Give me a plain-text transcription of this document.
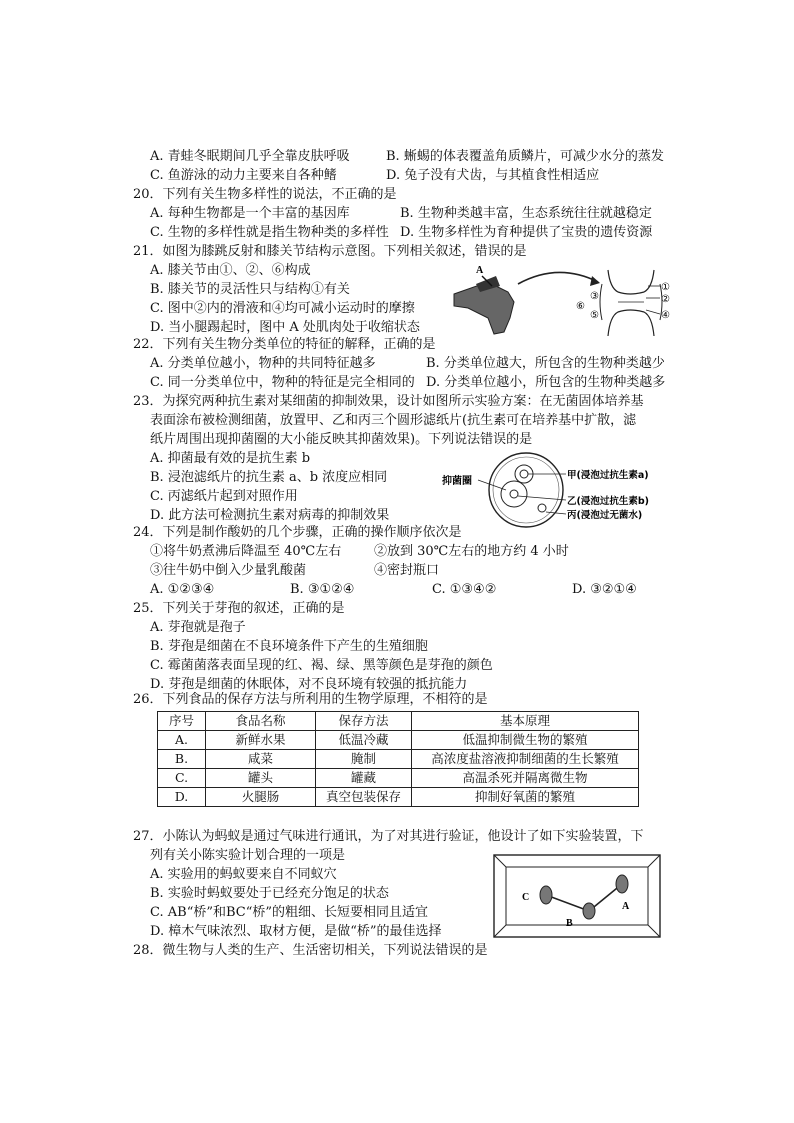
A. 青蛙冬眠期间几乎全靠皮肤呼吸	B. 蜥蜴的体表覆盖角质鳞片，可减少水分的蒸发
C. 鱼游泳的动力主要来自各种鳍	D. 兔子没有犬齿，与其植食性相适应
20．下列有关生物多样性的说法，不正确的是
A. 每种生物都是一个丰富的基因库	B. 生物种类越丰富，生态系统往往就越稳定
C. 生物的多样性就是指生物种类的多样性 D. 生物多样性为育种提供了宝贵的遗传资源
21．如图为膝跳反射和膝关节结构示意图。下列相关叙述，错误的是
A. 膝关节由①、②、⑥构成
B. 膝关节的灵活性只与结构①有关
C. 图中②内的滑液和④均可减小运动时的摩擦
D. 当小腿踢起时，图中 A 处肌肉处于收缩状态
A
③
⑥
⑤
①
②
④
22．下列有关生物分类单位的特征的解释，正确的是
A. 分类单位越小，物种的共同特征越多	B. 分类单位越大，所包含的生物种类越少
C. 同一分类单位中，物种的特征是完全相同的 D. 分类单位越小，所包含的生物种类越多
23．为探究两种抗生素对某细菌的抑制效果，设计如图所示实验方案：在无菌固体培养基
表面涂布被检测细菌，放置甲、乙和丙三个圆形滤纸片(抗生素可在培养基中扩散，滤
纸片周围出现抑菌圈的大小能反映其抑菌效果)。下列说法错误的是
A. 抑菌最有效的是抗生素 b
B. 浸泡滤纸片的抗生素 a、b 浓度应相同
C. 丙滤纸片起到对照作用
D. 此方法可检测抗生素对病毒的抑制效果
抑菌圈
甲(浸泡过抗生素a)
乙(浸泡过抗生素b)
丙(浸泡过无菌水)
24．下列是制作酸奶的几个步骤，正确的操作顺序依次是
①将牛奶煮沸后降温至 40℃左右	②放到 30℃左右的地方约 4 小时
③往牛奶中倒入少量乳酸菌	④密封瓶口
A. ①②③④	B. ③①②④	C. ①③④②	D. ③②①④
25．下列关于芽孢的叙述，正确的是
A. 芽孢就是孢子
B. 芽孢是细菌在不良环境条件下产生的生殖细胞
C. 霉菌菌落表面呈现的红、褐、绿、黑等颜色是芽孢的颜色
D. 芽孢是细菌的休眠体，对不良环境有较强的抵抗能力
26．下列食品的保存方法与所利用的生物学原理，不相符的是
序号	食品名称	保存方法	基本原理
A.	新鲜水果	低温冷藏	低温抑制微生物的繁殖
B.	咸菜	腌制	高浓度盐溶液抑制细菌的生长繁殖
C.	罐头	罐藏	高温杀死并隔离微生物
D.	火腿肠	真空包装保存	抑制好氧菌的繁殖
27．小陈认为蚂蚁是通过气味进行通讯，为了对其进行验证，他设计了如下实验装置，下
列有关小陈实验计划合理的一项是
A. 实验用的蚂蚁要来自不同蚁穴
B. 实验时蚂蚁要处于已经充分饱足的状态
C. AB“桥”和BC“桥”的粗细、长短要相同且适宜
D. 樟木气味浓烈、取材方便，是做“桥”的最佳选择
C
B
A
28．微生物与人类的生产、生活密切相关，下列说法错误的是
